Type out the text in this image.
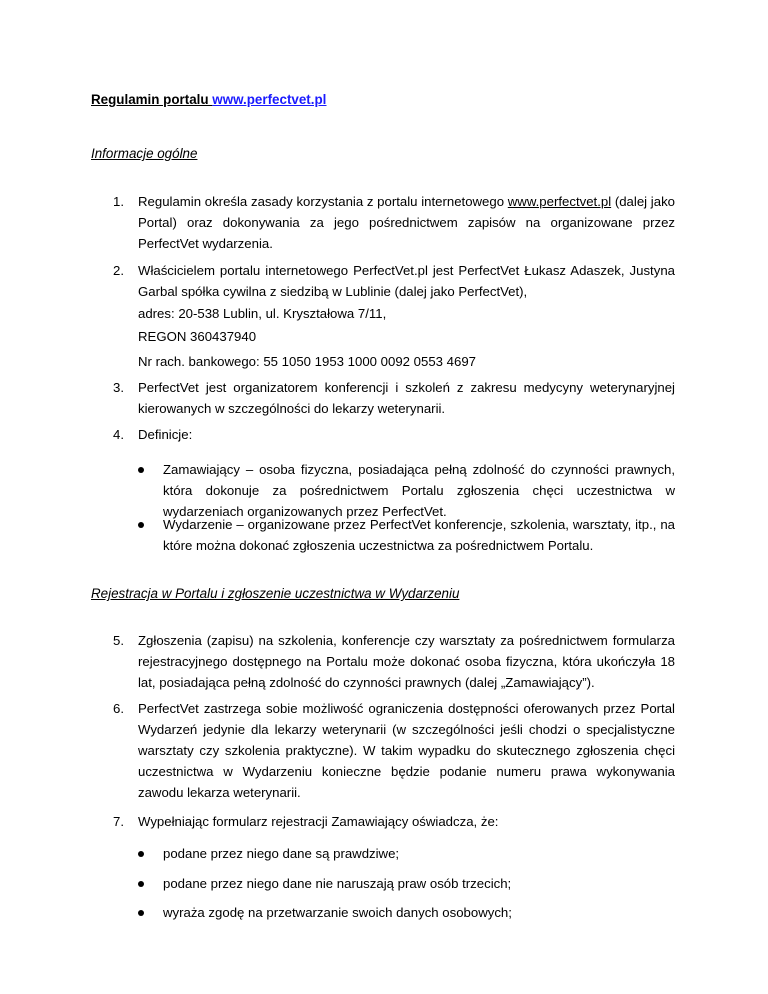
Regulamin portalu www.perfectvet.pl
Informacje ogólne
1.	Regulamin określa zasady korzystania z portalu internetowego www.perfectvet.pl (dalej jako Portal) oraz dokonywania za jego pośrednictwem zapisów na organizowane przez PerfectVet wydarzenia.
2.	Właścicielem portalu internetowego PerfectVet.pl jest PerfectVet Łukasz Adaszek, Justyna Garbal spółka cywilna z siedzibą w Lublinie (dalej jako PerfectVet),
adres: 20-538 Lublin, ul. Kryształowa 7/11,
REGON 360437940
Nr rach. bankowego: 55 1050 1953 1000 0092 0553 4697
3.	PerfectVet jest organizatorem konferencji i szkoleń z zakresu medycyny weterynaryjnej kierowanych w szczególności do lekarzy weterynarii.
4.	Definicje:
Zamawiający – osoba fizyczna, posiadająca pełną zdolność do czynności prawnych, która dokonuje za pośrednictwem Portalu zgłoszenia chęci uczestnictwa w wydarzeniach organizowanych przez PerfectVet.
Wydarzenie – organizowane przez PerfectVet konferencje, szkolenia, warsztaty, itp., na które można dokonać zgłoszenia uczestnictwa za pośrednictwem Portalu.
Rejestracja w Portalu i zgłoszenie uczestnictwa w Wydarzeniu
5.	Zgłoszenia (zapisu) na szkolenia, konferencje czy warsztaty za pośrednictwem formularza rejestracyjnego dostępnego na Portalu może dokonać osoba fizyczna, która ukończyła 18 lat, posiadająca pełną zdolność do czynności prawnych (dalej „Zamawiający”).
6.	PerfectVet zastrzega sobie możliwość ograniczenia dostępności oferowanych przez Portal Wydarzeń jedynie dla lekarzy weterynarii (w szczególności jeśli chodzi o specjalistyczne warsztaty czy szkolenia praktyczne). W takim wypadku do skutecznego zgłoszenia chęci uczestnictwa w Wydarzeniu konieczne będzie podanie numeru prawa wykonywania zawodu lekarza weterynarii.
7.	Wypełniając formularz rejestracji Zamawiający oświadcza, że:
podane przez niego dane są prawdziwe;
podane przez niego dane nie naruszają praw osób trzecich;
wyraża zgodę na przetwarzanie swoich danych osobowych;
